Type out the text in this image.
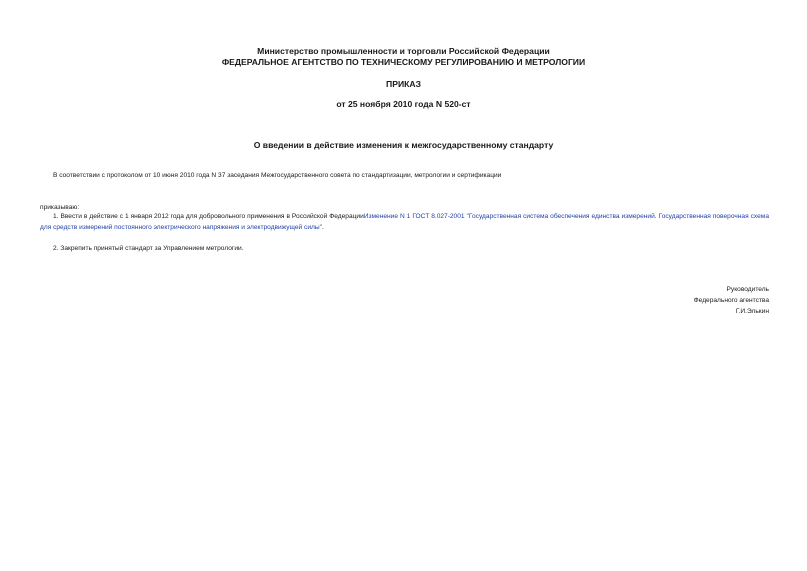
Министерство промышленности и торговли Российской Федерации
ФЕДЕРАЛЬНОЕ АГЕНТСТВО ПО ТЕХНИЧЕСКОМУ РЕГУЛИРОВАНИЮ И МЕТРОЛОГИИ
ПРИКАЗ
от 25 ноября 2010 года N 520-ст
О введении в действие изменения к межгосударственному стандарту
В соответствии с протоколом от 10 июня 2010 года N 37 заседания Межгосударственного совета по стандартизации, метрологии и сертификации
приказываю:
1. Ввести в действие с 1 января 2012 года для добровольного применения в Российской ФедерацииИзменение N 1 ГОСТ 8.027-2001 "Государственная система обеспечения единства измерений. Государственная поверочная схема для средств измерений постоянного электрического напряжения и электродвижущей силы".
2. Закрепить принятый стандарт за Управлением метрологии.
Руководитель
Федерального агентства
Г.И.Элькин
